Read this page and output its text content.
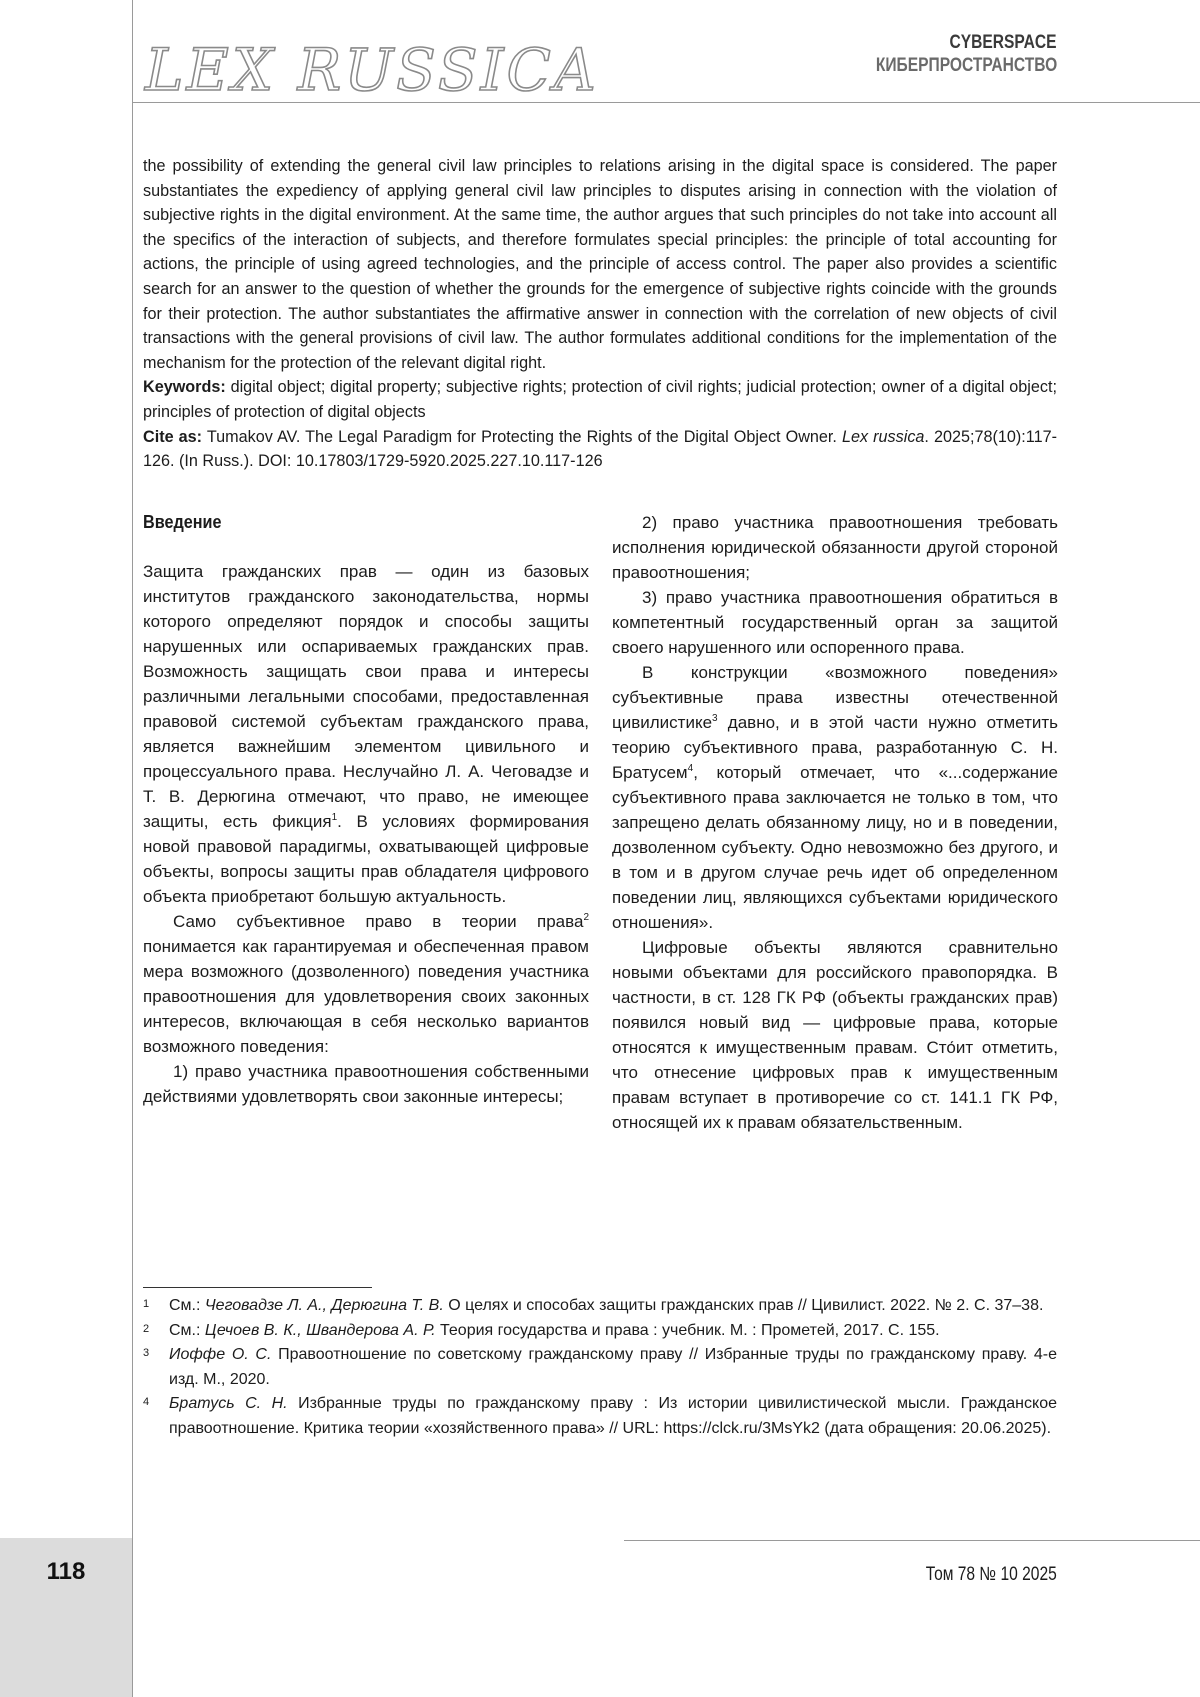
118
LEX RUSSICA	CYBERSPACE
КИБЕРПРОСТРАНСТВО

the possibility of extending the general civil law principles to relations arising in the digital space is considered. The paper substantiates the expediency of applying general civil law principles to disputes arising in connection with the violation of subjective rights in the digital environment. At the same time, the author argues that such principles do not take into account all the specifics of the interaction of subjects, and therefore formulates special principles: the principle of total accounting for actions, the principle of using agreed technologies, and the principle of access control. The paper also provides a scientific search for an answer to the question of whether the grounds for the emergence of subjective rights coincide with the grounds for their protection. The author substantiates the affirmative answer in connection with the correlation of new objects of civil transactions with the general provisions of civil law. The author formulates additional conditions for the implementation of the mechanism for the protection of the relevant digital right.

Keywords: digital object; digital property; subjective rights; protection of civil rights; judicial protection; owner of a digital object; principles of protection of digital objects

Cite as: Tumakov AV. The Legal Paradigm for Protecting the Rights of the Digital Object Owner. Lex russica. 2025;78(10):117-126. (In Russ.). DOI: 10.17803/1729-5920.2025.227.10.117-126

Введение

Защита гражданских прав — один из базовых институтов гражданского законодательства, нормы которого определяют порядок и способы защиты нарушенных или оспариваемых гражданских прав. Возможность защищать свои права и интересы различными легальными способами, предоставленная правовой системой субъектам гражданского права, является важнейшим элементом цивильного и процессуального права. Неслучайно Л. А. Чеговадзе и Т. В. Дерюгина отмечают, что право, не имеющее защиты, есть фикция$^1$. В условиях формирования новой правовой парадигмы, охватывающей цифровые объекты, вопросы защиты прав обладателя цифрового объекта приобретают большую актуальность.

Само субъективное право в теории права$^2$ понимается как гарантируемая и обеспеченная правом мера возможного (дозволенного) поведения участника правоотношения для удовлетворения своих законных интересов, включающая в себя несколько вариантов возможного поведения:

1) право участника правоотношения собственными действиями удовлетворять свои законные интересы;

2) право участника правоотношения требовать исполнения юридической обязанности другой стороной правоотношения;

3) право участника правоотношения обратиться в компетентный государственный орган за защитой своего нарушенного или оспоренного права.

В конструкции «возможного поведения» субъективные права известны отечественной цивилистике$^3$ давно, и в этой части нужно отметить теорию субъективного права, разработанную С. Н. Братусем$^4$, который отмечает, что «...содержание субъективного права заключается не только в том, что запрещено делать обязанному лицу, но и в поведении, дозволенном субъекту. Одно невозможно без другого, и в том и в другом случае речь идет об определенном поведении лиц, являющихся субъектами юридического отношения».

Цифровые объекты являются сравнительно новыми объектами для российского правопорядка. В частности, в ст. 128 ГК РФ (объекты гражданских прав) появился новый вид — цифровые права, которые относятся к имущественным правам. Сто́ит отметить, что отнесение цифровых прав к имущественным правам вступает в противоречие со ст. 141.1 ГК РФ, относящей их к правам обязательственным.

1	См.: Чеговадзе Л. А., Дерюгина Т. В. О целях и способах защиты гражданских прав // Цивилист. 2022. № 2. С. 37–38.
2	См.: Цечоев В. К., Швандерова А. Р. Теория государства и права : учебник. М. : Прометей, 2017. С. 155.
3	Иоффе О. С. Правоотношение по советскому гражданскому праву // Избранные труды по гражданскому праву. 4-е изд. М., 2020.
4	Братусь С. Н. Избранные труды по гражданскому праву : Из истории цивилистической мысли. Гражданское правоотношение. Критика теории «хозяйственного права» // URL: https://clck.ru/3MsYk2 (дата обращения: 20.06.2025).
Том 78 № 10 2025
